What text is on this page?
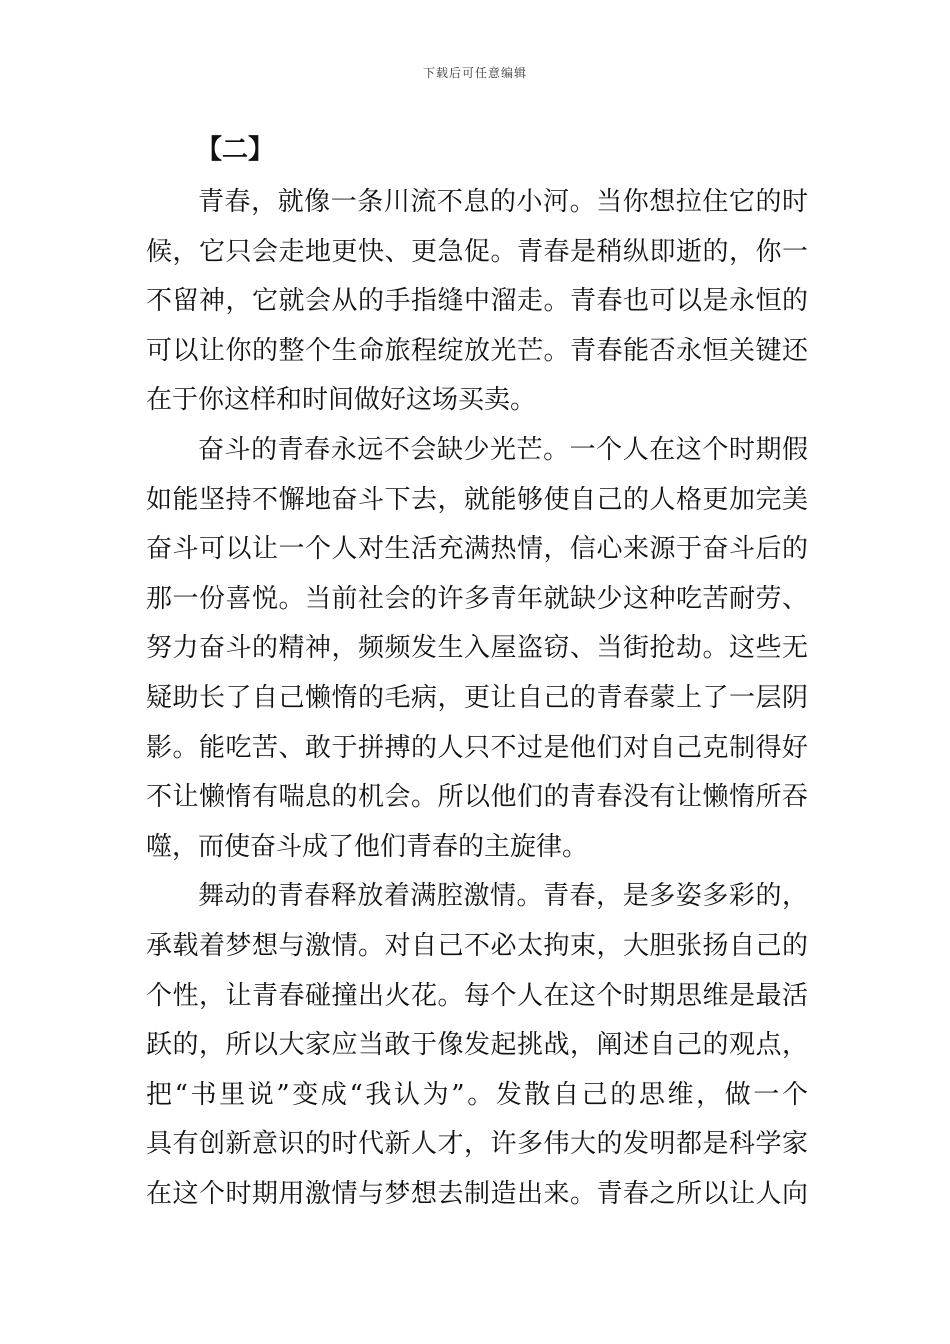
下载后可任意编辑
【二】
青春，就像一条川流不息的小河。当你想拉住它的时
候，它只会走地更快、更急促。青春是稍纵即逝的，你一
不留神，它就会从的手指缝中溜走。青春也可以是永恒的
可以让你的整个生命旅程绽放光芒。青春能否永恒关键还
在于你这样和时间做好这场买卖。
奋斗的青春永远不会缺少光芒。一个人在这个时期假
如能坚持不懈地奋斗下去，就能够使自己的人格更加完美
奋斗可以让一个人对生活充满热情，信心来源于奋斗后的
那一份喜悦。当前社会的许多青年就缺少这种吃苦耐劳、
努力奋斗的精神，频频发生入屋盗窃、当街抢劫。这些无
疑助长了自己懒惰的毛病，更让自己的青春蒙上了一层阴
影。能吃苦、敢于拼搏的人只不过是他们对自己克制得好
不让懒惰有喘息的机会。所以他们的青春没有让懒惰所吞
噬，而使奋斗成了他们青春的主旋律。
舞动的青春释放着满腔激情。青春，是多姿多彩的，
承载着梦想与激情。对自己不必太拘束，大胆张扬自己的
个性，让青春碰撞出火花。每个人在这个时期思维是最活
跃的，所以大家应当敢于像发起挑战，阐述自己的观点，
把“书里说”变成“我认为”。发散自己的思维，做一个
具有创新意识的时代新人才，许多伟大的发明都是科学家
在这个时期用激情与梦想去制造出来。青春之所以让人向
